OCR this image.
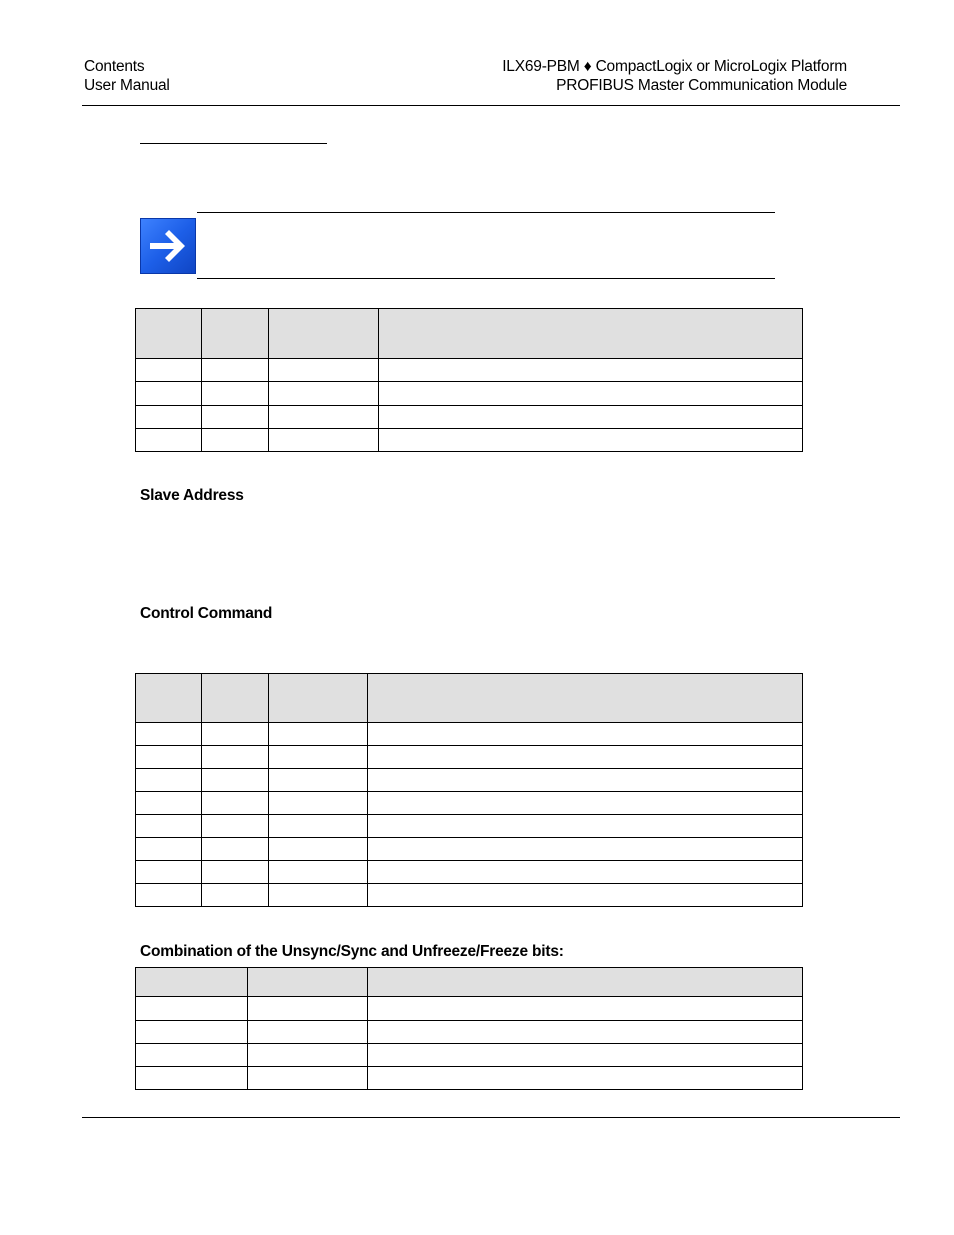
Contents
User Manual
ILX69-PBM ♦ CompactLogix or MicroLogix Platform
PROFIBUS Master Communication Module

Slave Address
Control Command

Combination of the Unsync/Sync and Unfreeze/Freeze bits:
